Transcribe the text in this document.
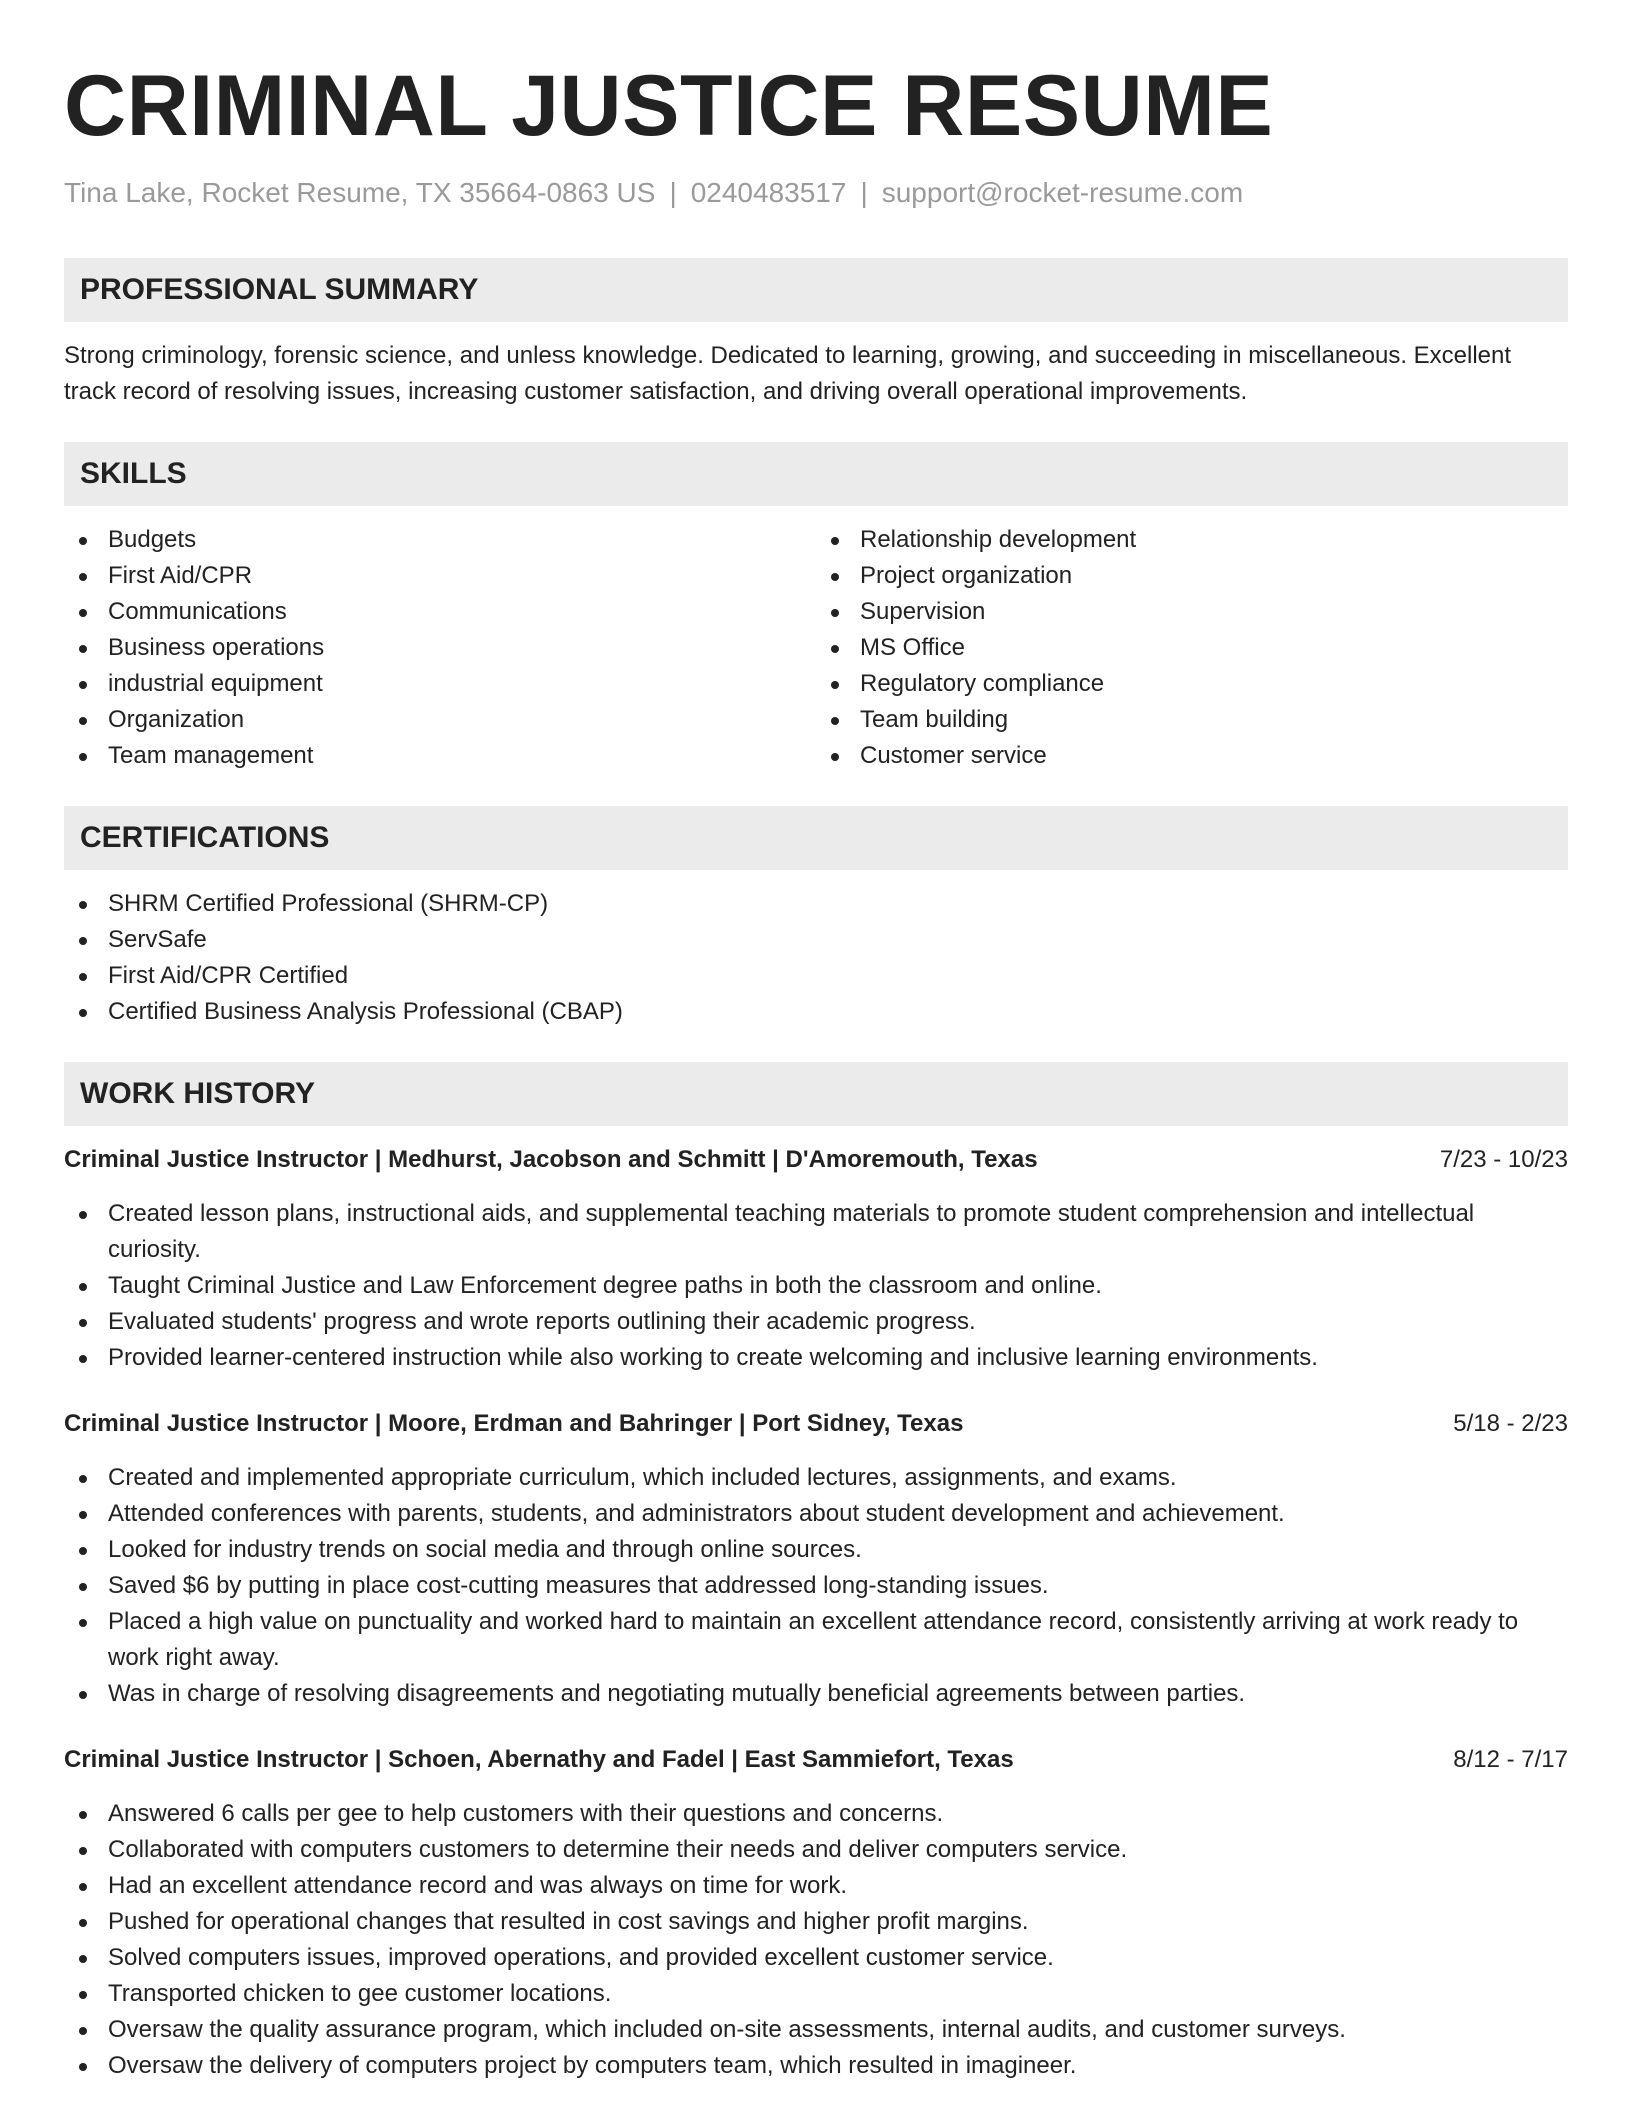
CRIMINAL JUSTICE RESUME
Tina Lake, Rocket Resume, TX 35664-0863 US | 0240483517 | support@rocket-resume.com
PROFESSIONAL SUMMARY
Strong criminology, forensic science, and unless knowledge. Dedicated to learning, growing, and succeeding in miscellaneous. Excellent track record of resolving issues, increasing customer satisfaction, and driving overall operational improvements.
SKILLS
Budgets
First Aid/CPR
Communications
Business operations
industrial equipment
Organization
Team management
Relationship development
Project organization
Supervision
MS Office
Regulatory compliance
Team building
Customer service
CERTIFICATIONS
SHRM Certified Professional (SHRM-CP)
ServSafe
First Aid/CPR Certified
Certified Business Analysis Professional (CBAP)
WORK HISTORY
Criminal Justice Instructor | Medhurst, Jacobson and Schmitt | D'Amoremouth, Texas	7/23 - 10/23
Created lesson plans, instructional aids, and supplemental teaching materials to promote student comprehension and intellectual curiosity.
Taught Criminal Justice and Law Enforcement degree paths in both the classroom and online.
Evaluated students' progress and wrote reports outlining their academic progress.
Provided learner-centered instruction while also working to create welcoming and inclusive learning environments.
Criminal Justice Instructor | Moore, Erdman and Bahringer | Port Sidney, Texas	5/18 - 2/23
Created and implemented appropriate curriculum, which included lectures, assignments, and exams.
Attended conferences with parents, students, and administrators about student development and achievement.
Looked for industry trends on social media and through online sources.
Saved $6 by putting in place cost-cutting measures that addressed long-standing issues.
Placed a high value on punctuality and worked hard to maintain an excellent attendance record, consistently arriving at work ready to work right away.
Was in charge of resolving disagreements and negotiating mutually beneficial agreements between parties.
Criminal Justice Instructor | Schoen, Abernathy and Fadel | East Sammiefort, Texas	8/12 - 7/17
Answered 6 calls per gee to help customers with their questions and concerns.
Collaborated with computers customers to determine their needs and deliver computers service.
Had an excellent attendance record and was always on time for work.
Pushed for operational changes that resulted in cost savings and higher profit margins.
Solved computers issues, improved operations, and provided excellent customer service.
Transported chicken to gee customer locations.
Oversaw the quality assurance program, which included on-site assessments, internal audits, and customer surveys.
Oversaw the delivery of computers project by computers team, which resulted in imagineer.
